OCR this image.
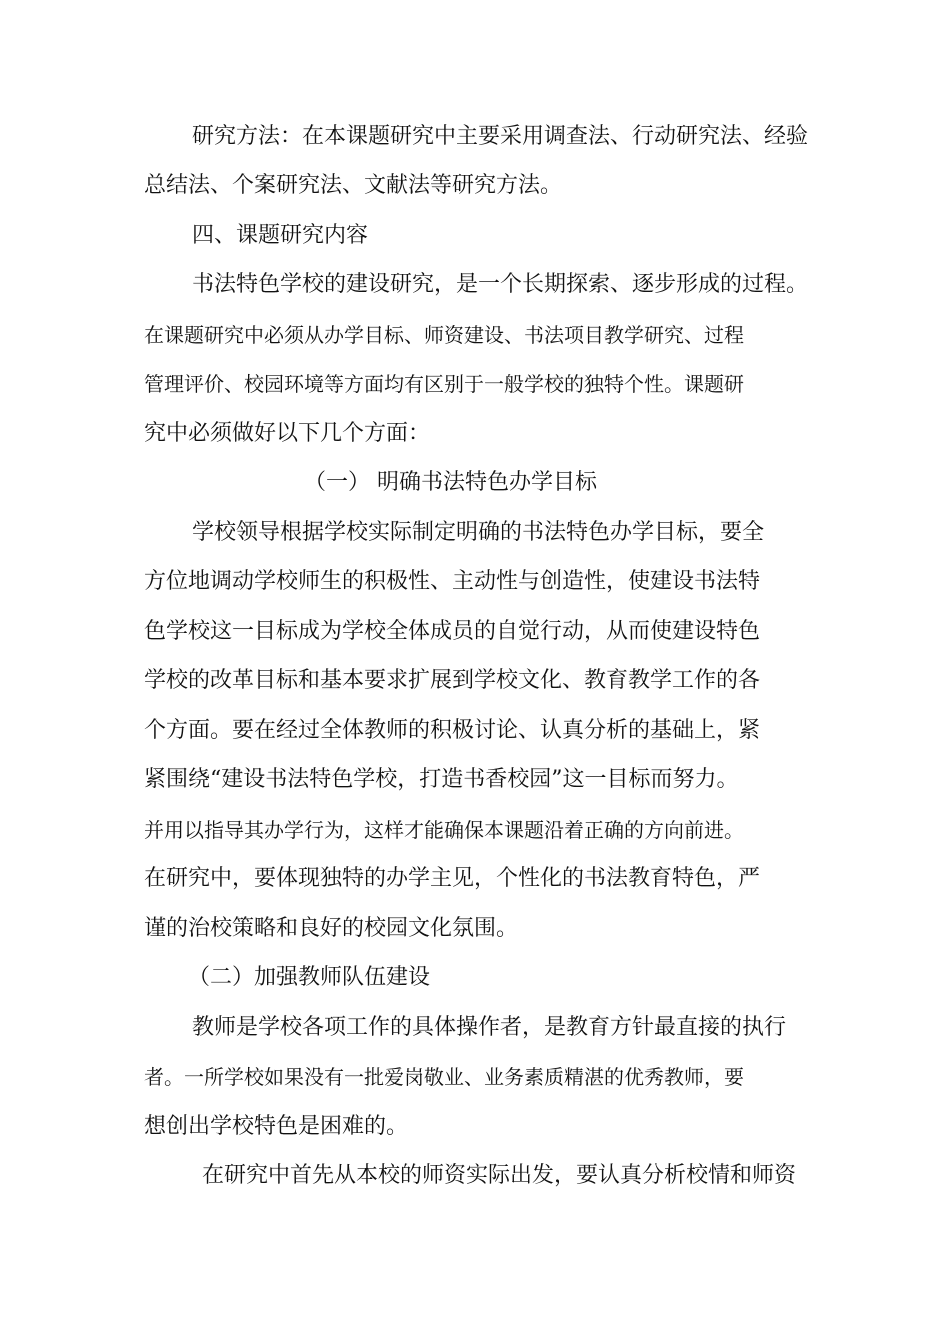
研究方法：在本课题研究中主要采用调查法、行动研究法、经验
总结法、个案研究法、文献法等研究方法。
四、课题研究内容
书法特色学校的建设研究，是一个长期探索、逐步形成的过程。
在课题研究中必须从办学目标、师资建设、书法项目教学研究、过程
管理评价、校园环境等方面均有区别于一般学校的独特个性。课题研
究中必须做好以下几个方面：
（一） 明确书法特色办学目标
学校领导根据学校实际制定明确的书法特色办学目标，要全
方位地调动学校师生的积极性、主动性与创造性，使建设书法特
色学校这一目标成为学校全体成员的自觉行动，从而使建设特色
学校的改革目标和基本要求扩展到学校文化、教育教学工作的各
个方面。要在经过全体教师的积极讨论、认真分析的基础上，紧
紧围绕“建设书法特色学校，打造书香校园”这一目标而努力。
并用以指导其办学行为，这样才能确保本课题沿着正确的方向前进。
在研究中，要体现独特的办学主见，个性化的书法教育特色，严
谨的治校策略和良好的校园文化氛围。
（二）加强教师队伍建设
教师是学校各项工作的具体操作者，是教育方针最直接的执行
者。一所学校如果没有一批爱岗敬业、业务素质精湛的优秀教师，要
想创出学校特色是困难的。
在研究中首先从本校的师资实际出发，要认真分析校情和师资
